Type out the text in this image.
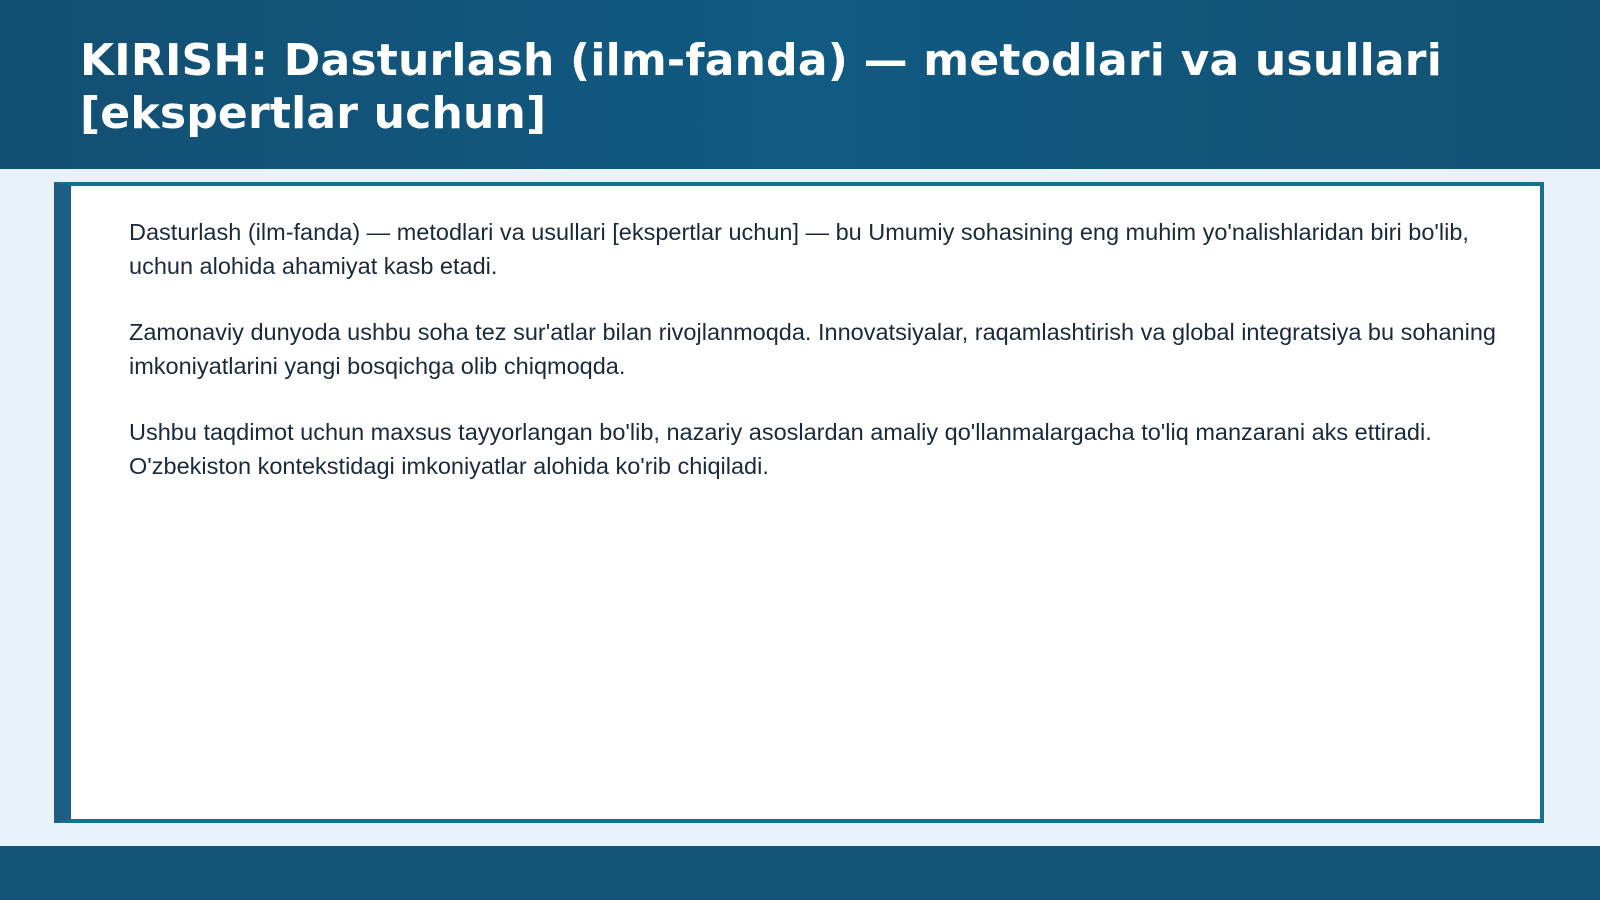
KIRISH: Dasturlash (ilm-fanda) — metodlari va usullari [ekspertlar uchun]

Dasturlash (ilm-fanda) — metodlari va usullari [ekspertlar uchun] — bu Umumiy sohasining eng muhim yo'nalishlaridan biri bo'lib, uchun alohida ahamiyat kasb etadi.

Zamonaviy dunyoda ushbu soha tez sur'atlar bilan rivojlanmoqda. Innovatsiyalar, raqamlashtirish va global integratsiya bu sohaning imkoniyatlarini yangi bosqichga olib chiqmoqda.

Ushbu taqdimot uchun maxsus tayyorlangan bo'lib, nazariy asoslardan amaliy qo'llanmalargacha to'liq manzarani aks ettiradi. O'zbekiston kontekstidagi imkoniyatlar alohida ko'rib chiqiladi.
